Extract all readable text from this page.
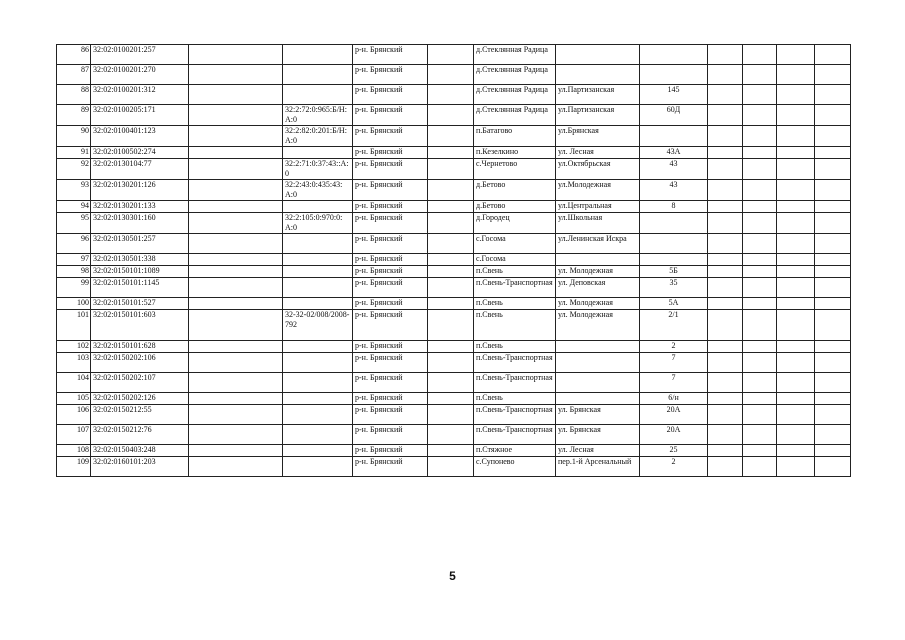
86	32:02:0100201:257			р-н. Брянский		д.Стеклянная Радица						
87	32:02:0100201:270			р-н. Брянский		д.Стеклянная Радица						
88	32:02:0100201:312			р-н. Брянский		д.Стеклянная Радица	ул.Партизанская	145				
89	32:02:0100205:171		32:2:72:0:965:Б/Н:А:0	р-н. Брянский		д.Стеклянная Радица	ул.Партизанская	60Д				
90	32:02:0100401:123		32:2:82:0:201:Б/Н:А:0	р-н. Брянский		п.Батагово	ул.Брянская					
91	32:02:0100502:274			р-н. Брянский		п.Кезелкино	ул. Лесная	43А				
92	32:02:0130104:77		32:2:71:0:37:43::А:0	р-н. Брянский		с.Чернетово	ул.Октябрьская	43				
93	32:02:0130201:126		32:2:43:0:435:43:А:0	р-н. Брянский		д.Бетово	ул.Молодежная	43				
94	32:02:0130201:133			р-н. Брянский		д.Бетово	ул.Центральная	8				
95	32:02:0130301:160		32:2:105:0:970:0:А:0	р-н. Брянский		д.Городец	ул.Школьная					
96	32:02:0130501:257			р-н. Брянский		с.Госома	ул.Ленинская Искра					
97	32:02:0130501:338			р-н. Брянский		с.Госома						
98	32:02:0150101:1089			р-н. Брянский		п.Свень	ул. Молодежная	5Б				
99	32:02:0150101:1145			р-н. Брянский		п.Свень-Транспортная	ул. Деповская	35				
100	32:02:0150101:527			р-н. Брянский		п.Свень	ул. Молодежная	5А				
101	32:02:0150101:603		32-32-02/008/2008-792	р-н. Брянский		п.Свень	ул. Молодежная	2/1				
102	32:02:0150101:628			р-н. Брянский		п.Свень		2				
103	32:02:0150202:106			р-н. Брянский		п.Свень-Транспортная		7				
104	32:02:0150202:107			р-н. Брянский		п.Свень-Транспортная		7				
105	32:02:0150202:126			р-н. Брянский		п.Свень		6/н				
106	32:02:0150212:55			р-н. Брянский		п.Свень-Транспортная	ул. Брянская	20А				
107	32:02:0150212:76			р-н. Брянский		п.Свень-Транспортная	ул. Брянская	20А				
108	32:02:0150403:248			р-н. Брянский		п.Стяжное	ул. Лесная	25				
109	32:02:0160101:203			р-н. Брянский		с.Супонево	пер.1-й Арсенальный	2				
5
